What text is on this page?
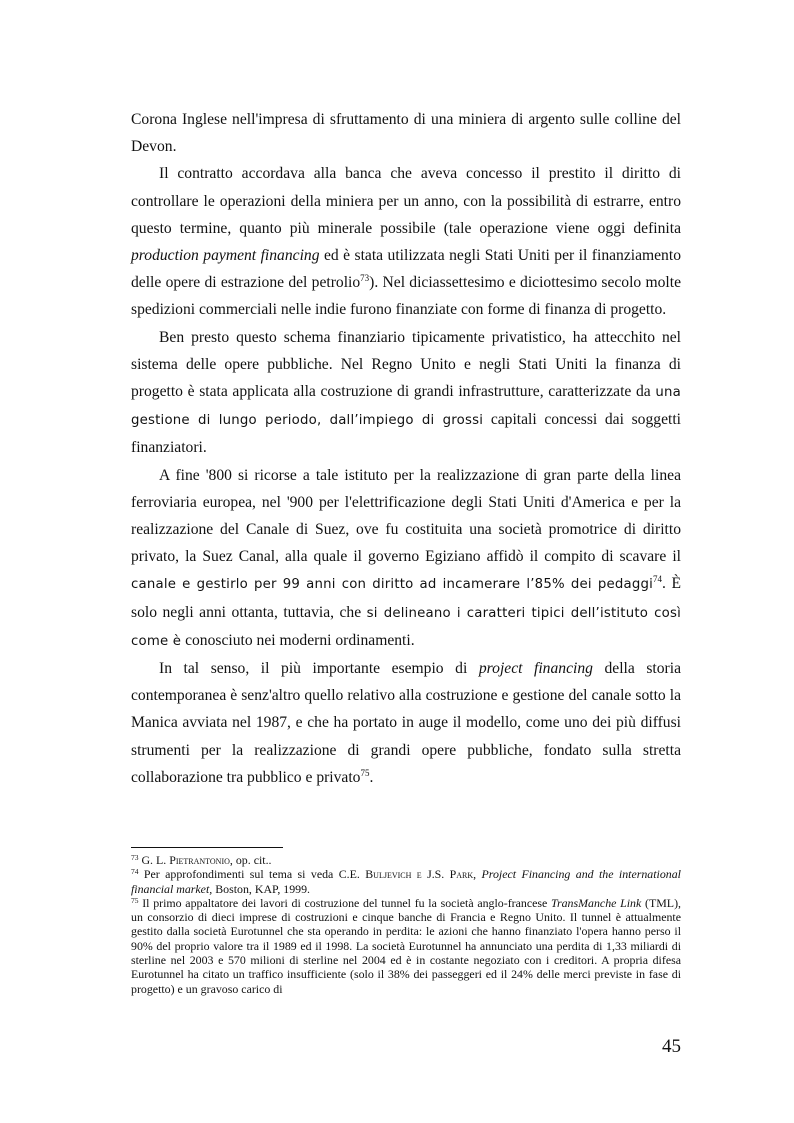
Corona Inglese nell'impresa di sfruttamento di una miniera di argento sulle colline del Devon.

Il contratto accordava alla banca che aveva concesso il prestito il diritto di controllare le operazioni della miniera per un anno, con la possibilità di estrarre, entro questo termine, quanto più minerale possibile (tale operazione viene oggi definita production payment financing ed è stata utilizzata negli Stati Uniti per il finanziamento delle opere di estrazione del petrolio$^{73}$). Nel diciassettesimo e diciottesimo secolo molte spedizioni commerciali nelle indie furono finanziate con forme di finanza di progetto.

Ben presto questo schema finanziario tipicamente privatistico, ha attecchito nel sistema delle opere pubbliche. Nel Regno Unito e negli Stati Uniti la finanza di progetto è stata applicata alla costruzione di grandi infrastrutture, caratterizzate da una gestione di lungo periodo, dall’impiego di grossi capitali concessi dai soggetti finanziatori.

A fine '800 si ricorse a tale istituto per la realizzazione di gran parte della linea ferroviaria europea, nel '900 per l'elettrificazione degli Stati Uniti d'America e per la realizzazione del Canale di Suez, ove fu costituita una società promotrice di diritto privato, la Suez Canal, alla quale il governo Egiziano affidò il compito di scavare il canale e gestirlo per 99 anni con diritto ad incamerare l’85% dei pedaggi$^{74}$. È solo negli anni ottanta, tuttavia, che si delineano i caratteri tipici dell’istituto così come è conosciuto nei moderni ordinamenti.

In tal senso, il più importante esempio di project financing della storia contemporanea è senz'altro quello relativo alla costruzione e gestione del canale sotto la Manica avviata nel 1987, e che ha portato in auge il modello, come uno dei più diffusi strumenti per la realizzazione di grandi opere pubbliche, fondato sulla stretta collaborazione tra pubblico e privato$^{75}$.

$^{73}$ G. L. Pietrantonio, op. cit..

$^{74}$ Per approfondimenti sul tema si veda C.E. Buljevich e J.S. Park, Project Financing and the international financial market, Boston, KAP, 1999.

$^{75}$ Il primo appaltatore dei lavori di costruzione del tunnel fu la società anglo-francese TransManche Link (TML), un consorzio di dieci imprese di costruzioni e cinque banche di Francia e Regno Unito. Il tunnel è attualmente gestito dalla società Eurotunnel che sta operando in perdita: le azioni che hanno finanziato l'opera hanno perso il 90% del proprio valore tra il 1989 ed il 1998. La società Eurotunnel ha annunciato una perdita di 1,33 miliardi di sterline nel 2003 e 570 milioni di sterline nel 2004 ed è in costante negoziato con i creditori. A propria difesa Eurotunnel ha citato un traffico insufficiente (solo il 38% dei passeggeri ed il 24% delle merci previste in fase di progetto) e un gravoso carico di

45
